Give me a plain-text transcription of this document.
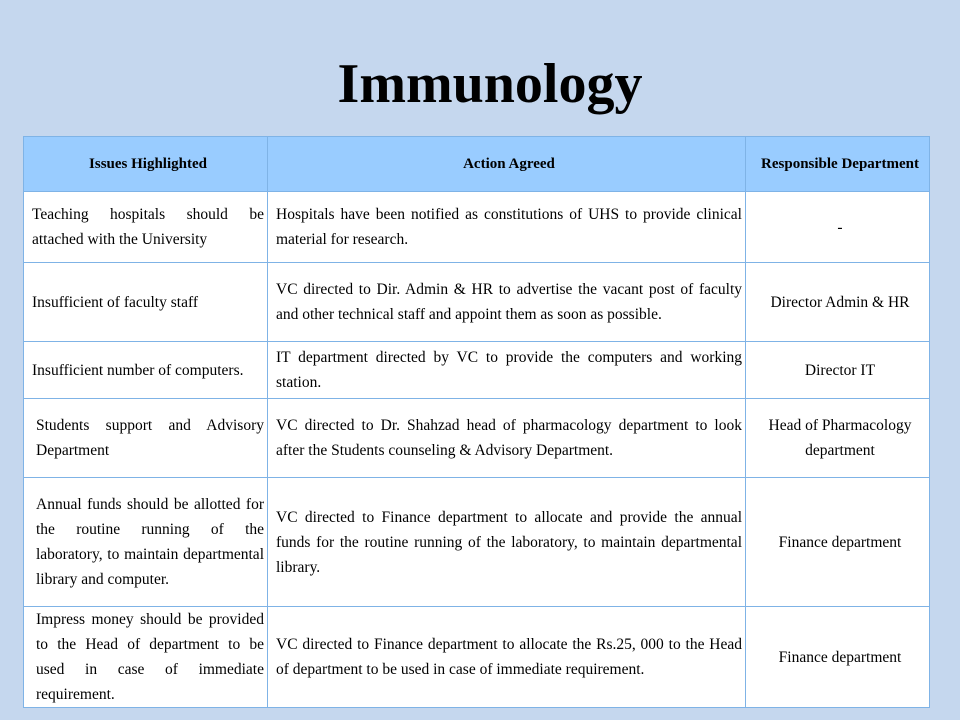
Immunology
Issues Highlighted	Action Agreed	Responsible Department
Teaching hospitals should be attached with the University	Hospitals have been notified as constitutions of UHS to provide clinical material for research.	-
Insufficient of faculty staff	VC directed to Dir. Admin & HR to advertise the vacant post of faculty and other technical staff and appoint them as soon as possible.	Director Admin & HR
Insufficient number of computers.	IT department directed by VC to provide the computers and working station.	Director IT
Students support and Advisory Department	VC directed to Dr. Shahzad head of pharmacology department to look after the Students counseling & Advisory Department.	Head of Pharmacology department
Annual funds should be allotted for the routine running of the laboratory, to maintain departmental library and computer.	VC directed to Finance department to allocate and provide the annual funds for the routine running of the laboratory, to maintain departmental library.	Finance department
Impress money should be provided to the Head of department to be used in case of immediate requirement.	VC directed to Finance department to allocate the Rs.25, 000 to the Head of department to be used in case of immediate requirement.	Finance department
